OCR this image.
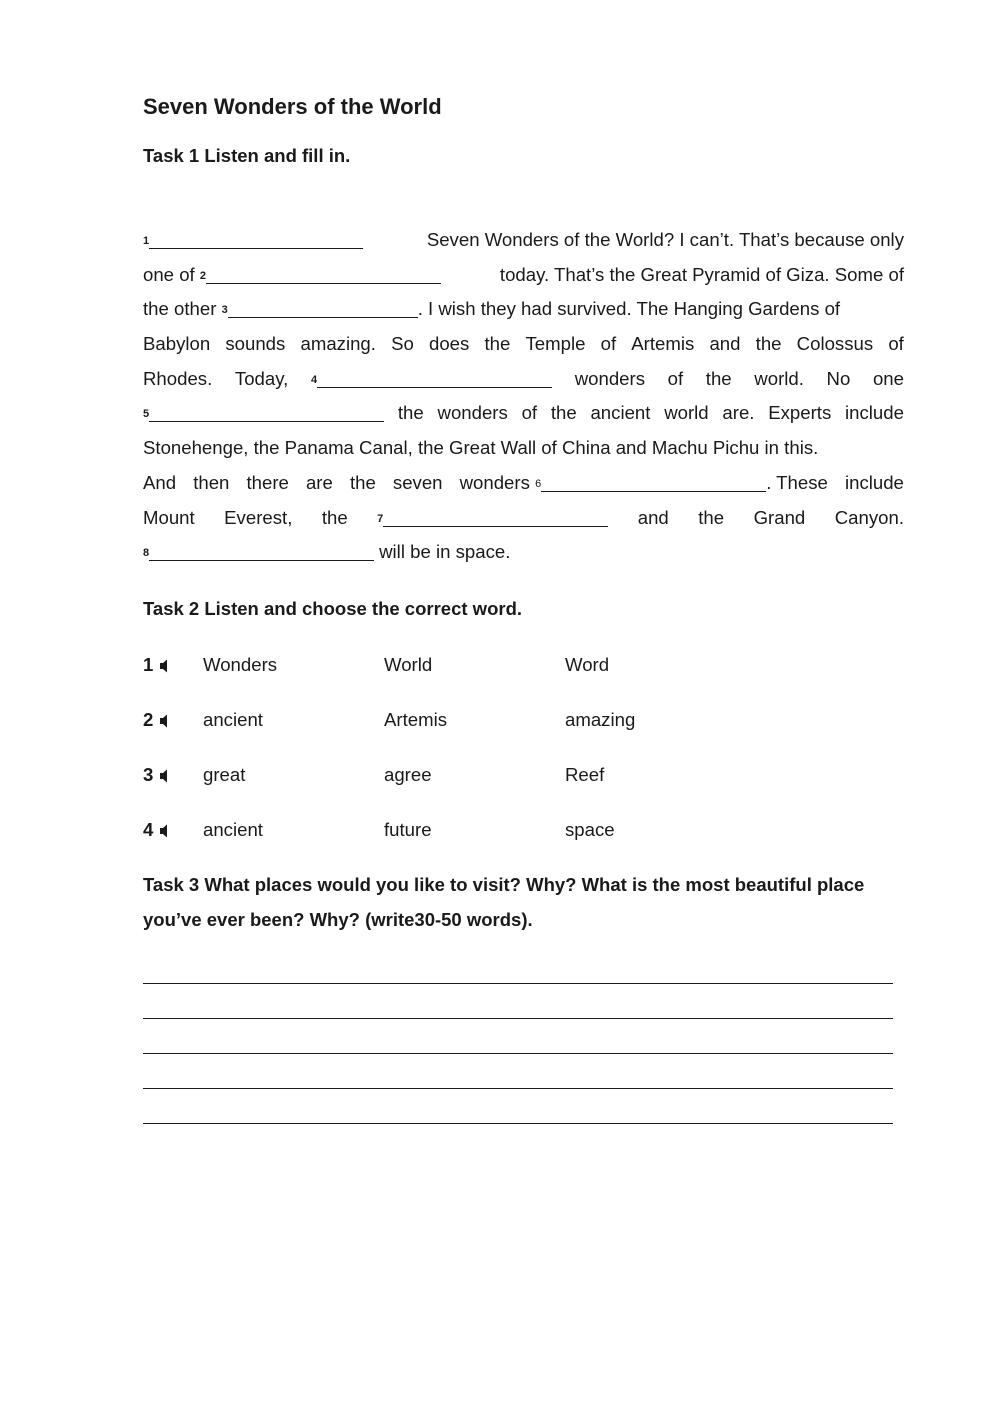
Seven Wonders of the World
Task 1 Listen and fill in.
$^1$	Seven Wonders of the World? I can’t. That’s because only
one of
$^2$	today. That’s the Great Pyramid of Giza. Some of
the other
$^3$	. I wish they had survived. The Hanging Gardens of
Babylon sounds amazing. So does the Temple of Artemis and the Colossus of
Rhodes. Today, $^4$	wonders of the world. No one
$^5$	the wonders of the ancient world are. Experts include
Stonehenge, the Panama Canal, the Great Wall of China and Machu Pichu in this.
And then there are the seven wonders
$^6$	. These include
Mount Everest, the	$^7$	and the Grand Canyon.
$^8$	will be in space.
Task 2 Listen and choose the correct word.
1	Wonders	World	Word
2	ancient	Artemis	amazing
3	great	agree	Reef
4	ancient	future	space
Task 3 What places would you like to visit? Why? What is the most beautiful place you’ve ever been? Why? (write30-50 words).
